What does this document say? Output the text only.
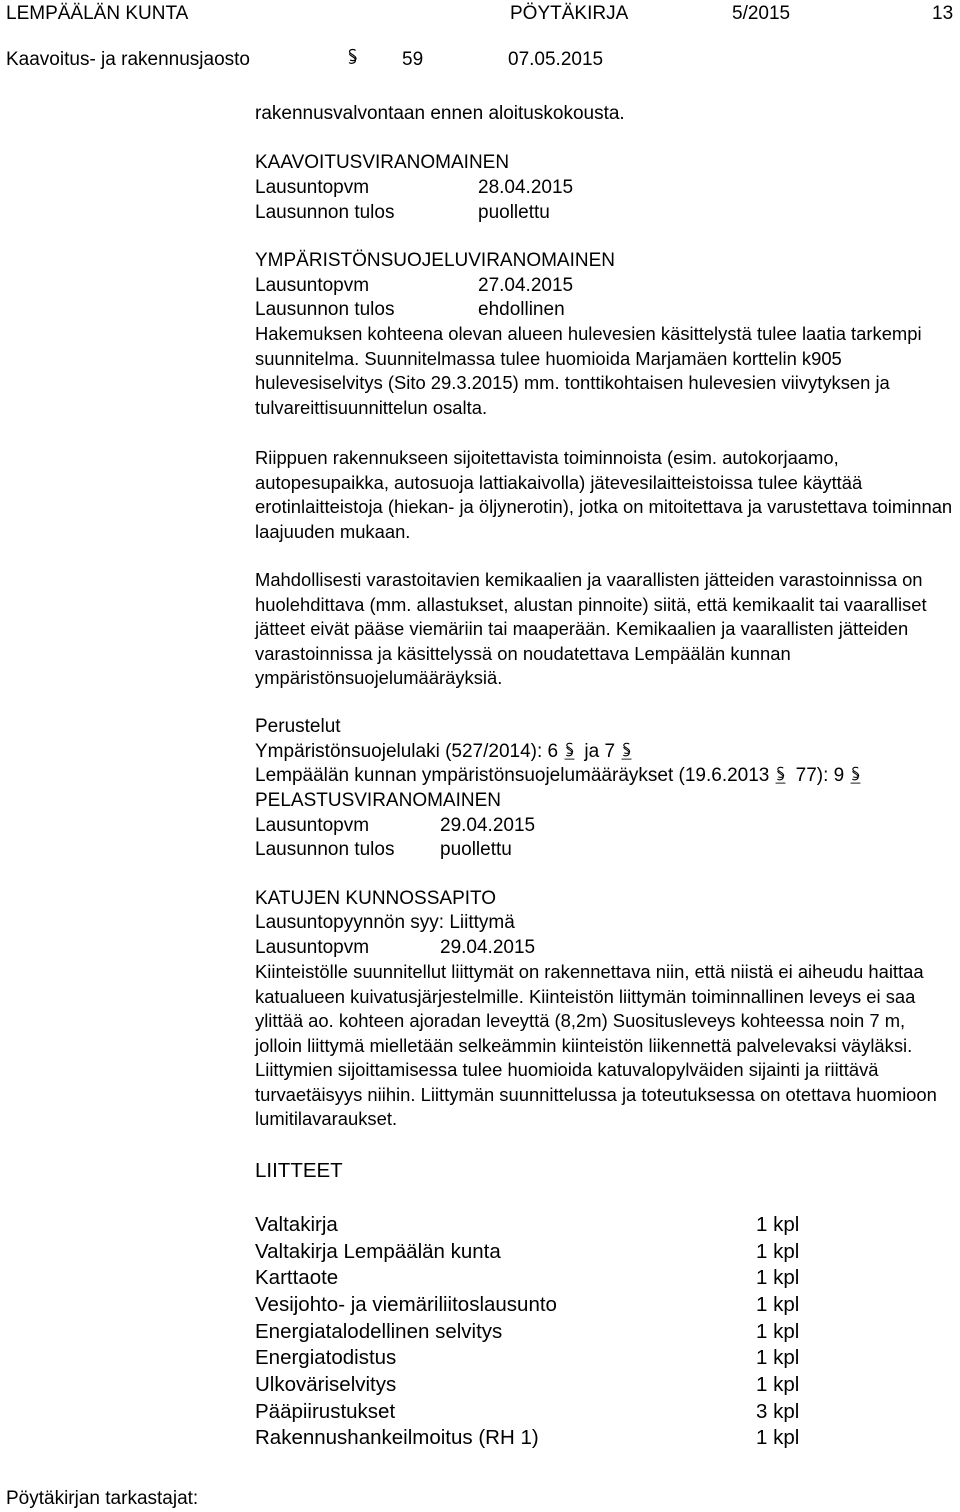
LEMPÄÄLÄN KUNTA	PÖYTÄKIRJA	5/2015	13
Kaavoitus- ja rakennusjaosto	59	07.05.2015
rakennusvalvontaan ennen aloituskokousta.
KAAVOITUSVIRANOMAINEN
Lausuntopvm	28.04.2015
Lausunnon tulos	puollettu
YMPÄRISTÖNSUOJELUVIRANOMAINEN
Lausuntopvm	27.04.2015
Lausunnon tulos	ehdollinen

Hakemuksen kohteena olevan alueen hulevesien käsittelystä tulee laatia tarkempi suunnitelma. Suunnitelmassa tulee huomioida Marjamäen korttelin k905 hulevesiselvitys (Sito 29.3.2015) mm. tonttikohtaisen hulevesien viivytyksen ja tulvareittisuunnittelun osalta.

Riippuen rakennukseen sijoitettavista toiminnoista (esim. autokorjaamo, autopesupaikka, autosuoja lattiakaivolla) jätevesilaitteistoissa tulee käyttää erotinlaitteistoja (hiekan- ja öljynerotin), jotka on mitoitettava ja varustettava toiminnan laajuuden mukaan.

Mahdollisesti varastoitavien kemikaalien ja vaarallisten jätteiden varastoinnissa on huolehdittava (mm. allastukset, alustan pinnoite) siitä, että kemikaalit tai vaaralliset jätteet eivät pääse viemäriin tai maaperään. Kemikaalien ja vaarallisten jätteiden varastoinnissa ja käsittelyssä on noudatettava Lempäälän kunnan ympäristönsuojelumääräyksiä.

Perustelut
Ympäristönsuojelulaki (527/2014): 6 ja 7
Lempäälän kunnan ympäristönsuojelumääräykset (19.6.2013 77): 9
PELASTUSVIRANOMAINEN
Lausuntopvm	29.04.2015
Lausunnon tulos puollettu
KATUJEN KUNNOSSAPITO
Lausuntopyynnön syy: Liittymä
Lausuntopvm	29.04.2015

Kiinteistölle suunnitellut liittymät on rakennettava niin, että niistä ei aiheudu haittaa katualueen kuivatusjärjestelmille. Kiinteistön liittymän toiminnallinen leveys ei saa ylittää ao. kohteen ajoradan leveyttä (8,2m) Suositusleveys kohteessa noin 7 m, jolloin liittymä mielletään selkeämmin kiinteistön liikennettä palvelevaksi väyläksi. Liittymien sijoittamisessa tulee huomioida katuvalopylväiden sijainti ja riittävä turvaetäisyys niihin. Liittymän suunnittelussa ja toteutuksessa on otettava huomioon lumitilavaraukset.

LIITTEET
Valtakirja	1 kpl
Valtakirja Lempäälän kunta	1 kpl
Karttaote	1 kpl
Vesijohto- ja viemäriliitoslausunto	1 kpl
Energiatalodellinen selvitys	1 kpl
Energiatodistus	1 kpl
Ulkoväriselvitys	1 kpl
Pääpiirustukset	3 kpl
Rakennushankeilmoitus (RH 1)	1 kpl
Pöytäkirjan tarkastajat:
